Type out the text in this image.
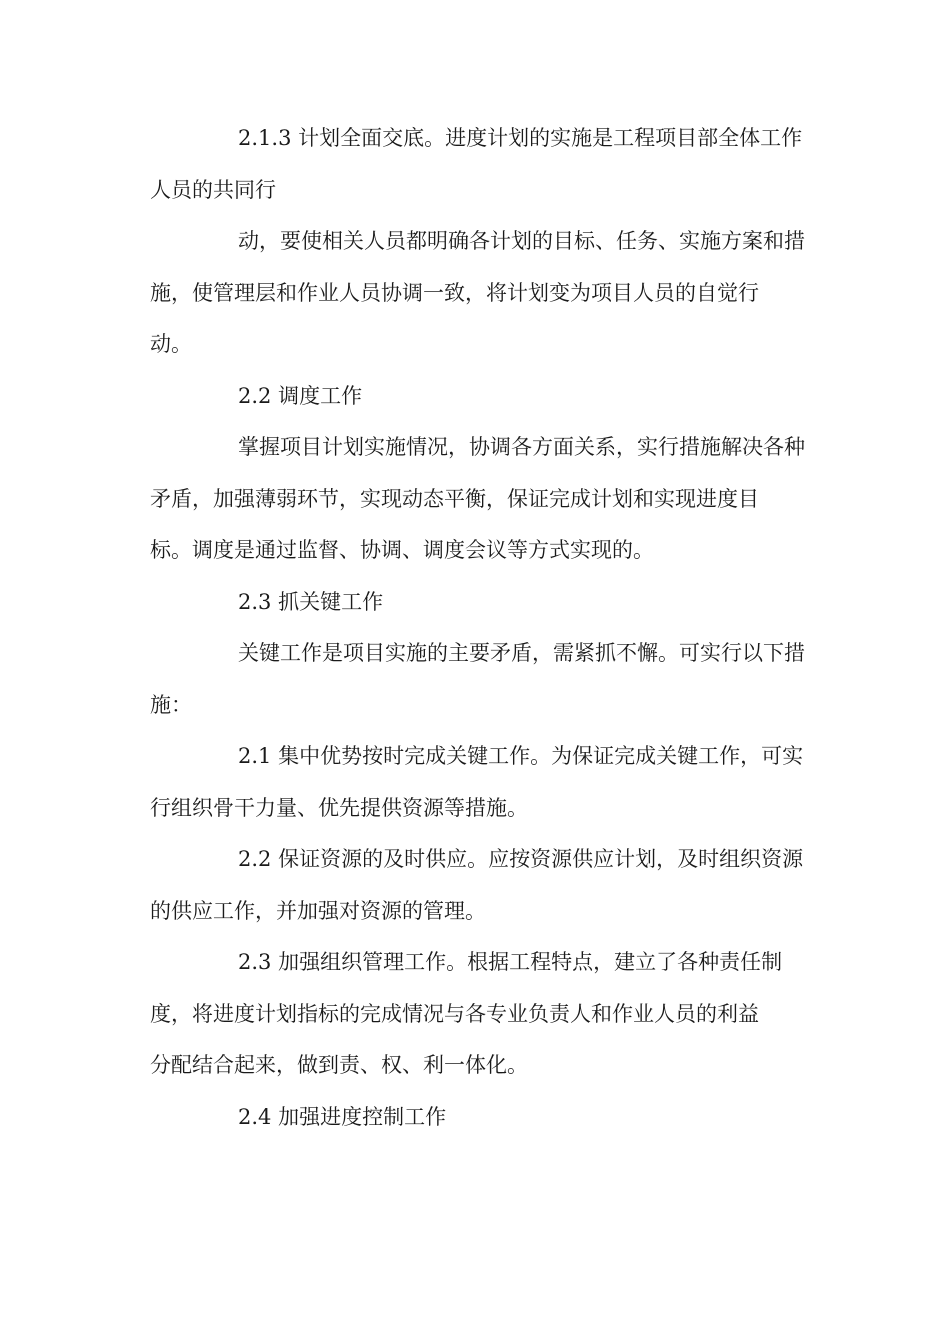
2.1.3 计划全面交底。进度计划的实施是工程项目部全体工作
人员的共同行
动，要使相关人员都明确各计划的目标、任务、实施方案和措
施，使管理层和作业人员协调一致，将计划变为项目人员的自觉行
动。
2.2 调度工作
掌握项目计划实施情况，协调各方面关系，实行措施解决各种
矛盾，加强薄弱环节，实现动态平衡，保证完成计划和实现进度目
标。调度是通过监督、协调、调度会议等方式实现的。
2.3 抓关键工作
关键工作是项目实施的主要矛盾，需紧抓不懈。可实行以下措
施：
2.1 集中优势按时完成关键工作。为保证完成关键工作，可实
行组织骨干力量、优先提供资源等措施。
2.2 保证资源的及时供应。应按资源供应计划，及时组织资源
的供应工作，并加强对资源的管理。
2.3 加强组织管理工作。根据工程特点，建立了各种责任制
度，将进度计划指标的完成情况与各专业负责人和作业人员的利益
分配结合起来，做到责、权、利一体化。
2.4 加强进度控制工作
